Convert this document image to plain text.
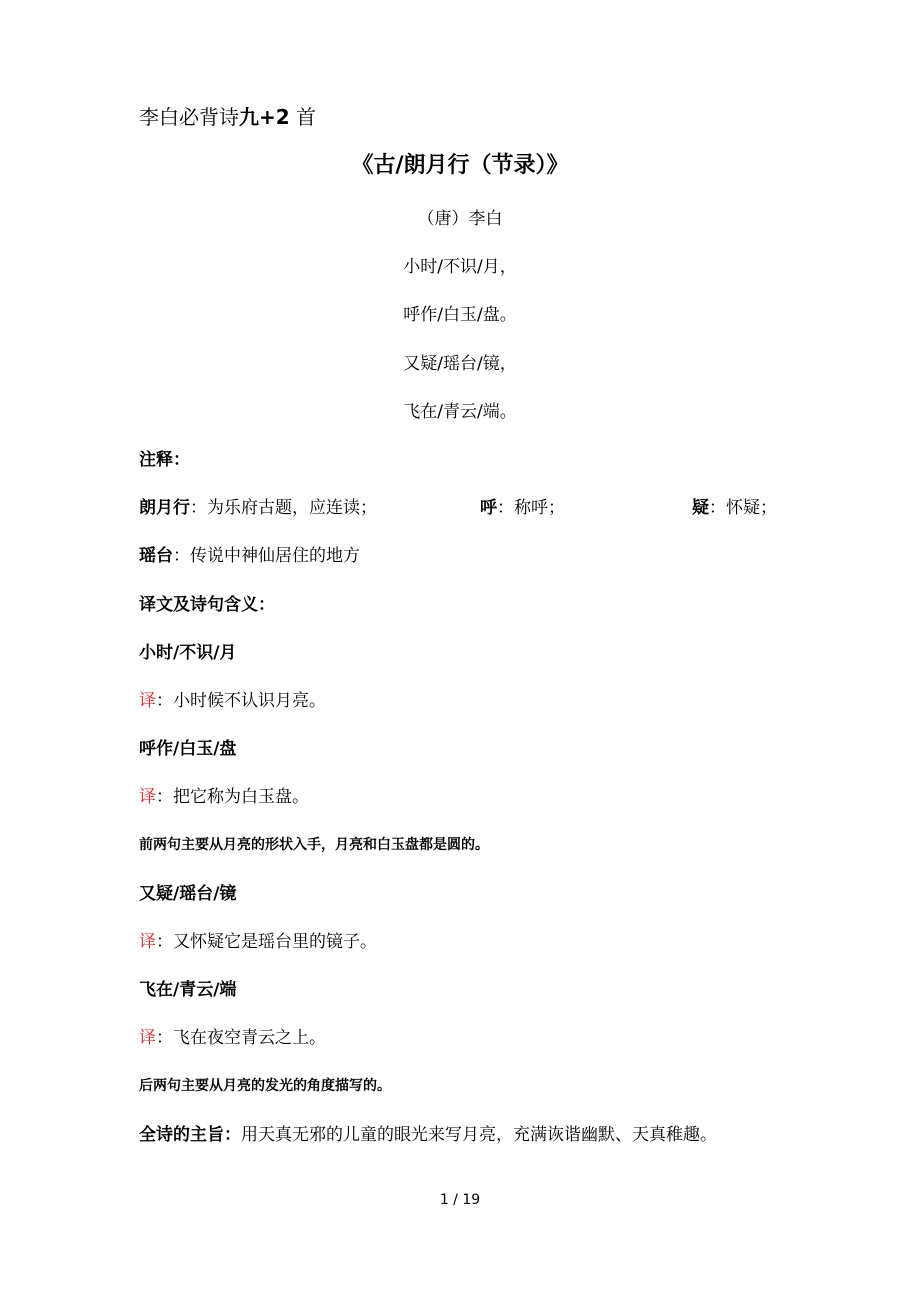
李白必背诗九+2 首
《古/朗月行（节录）》
（唐）李白
小时/不识/月，
呼作/白玉/盘。
又疑/瑶台/镜，
飞在/青云/端。
注释：
朗月行：为乐府古题，应连读；	呼：称呼；	疑：怀疑；
瑶台：传说中神仙居住的地方
译文及诗句含义：
小时/不识/月
译：小时候不认识月亮。
呼作/白玉/盘
译：把它称为白玉盘。
前两句主要从月亮的形状入手，月亮和白玉盘都是圆的。
又疑/瑶台/镜
译：又怀疑它是瑶台里的镜子。
飞在/青云/端
译：飞在夜空青云之上。
后两句主要从月亮的发光的角度描写的。
全诗的主旨：用天真无邪的儿童的眼光来写月亮，充满诙谐幽默、天真稚趣。
1 / 19
